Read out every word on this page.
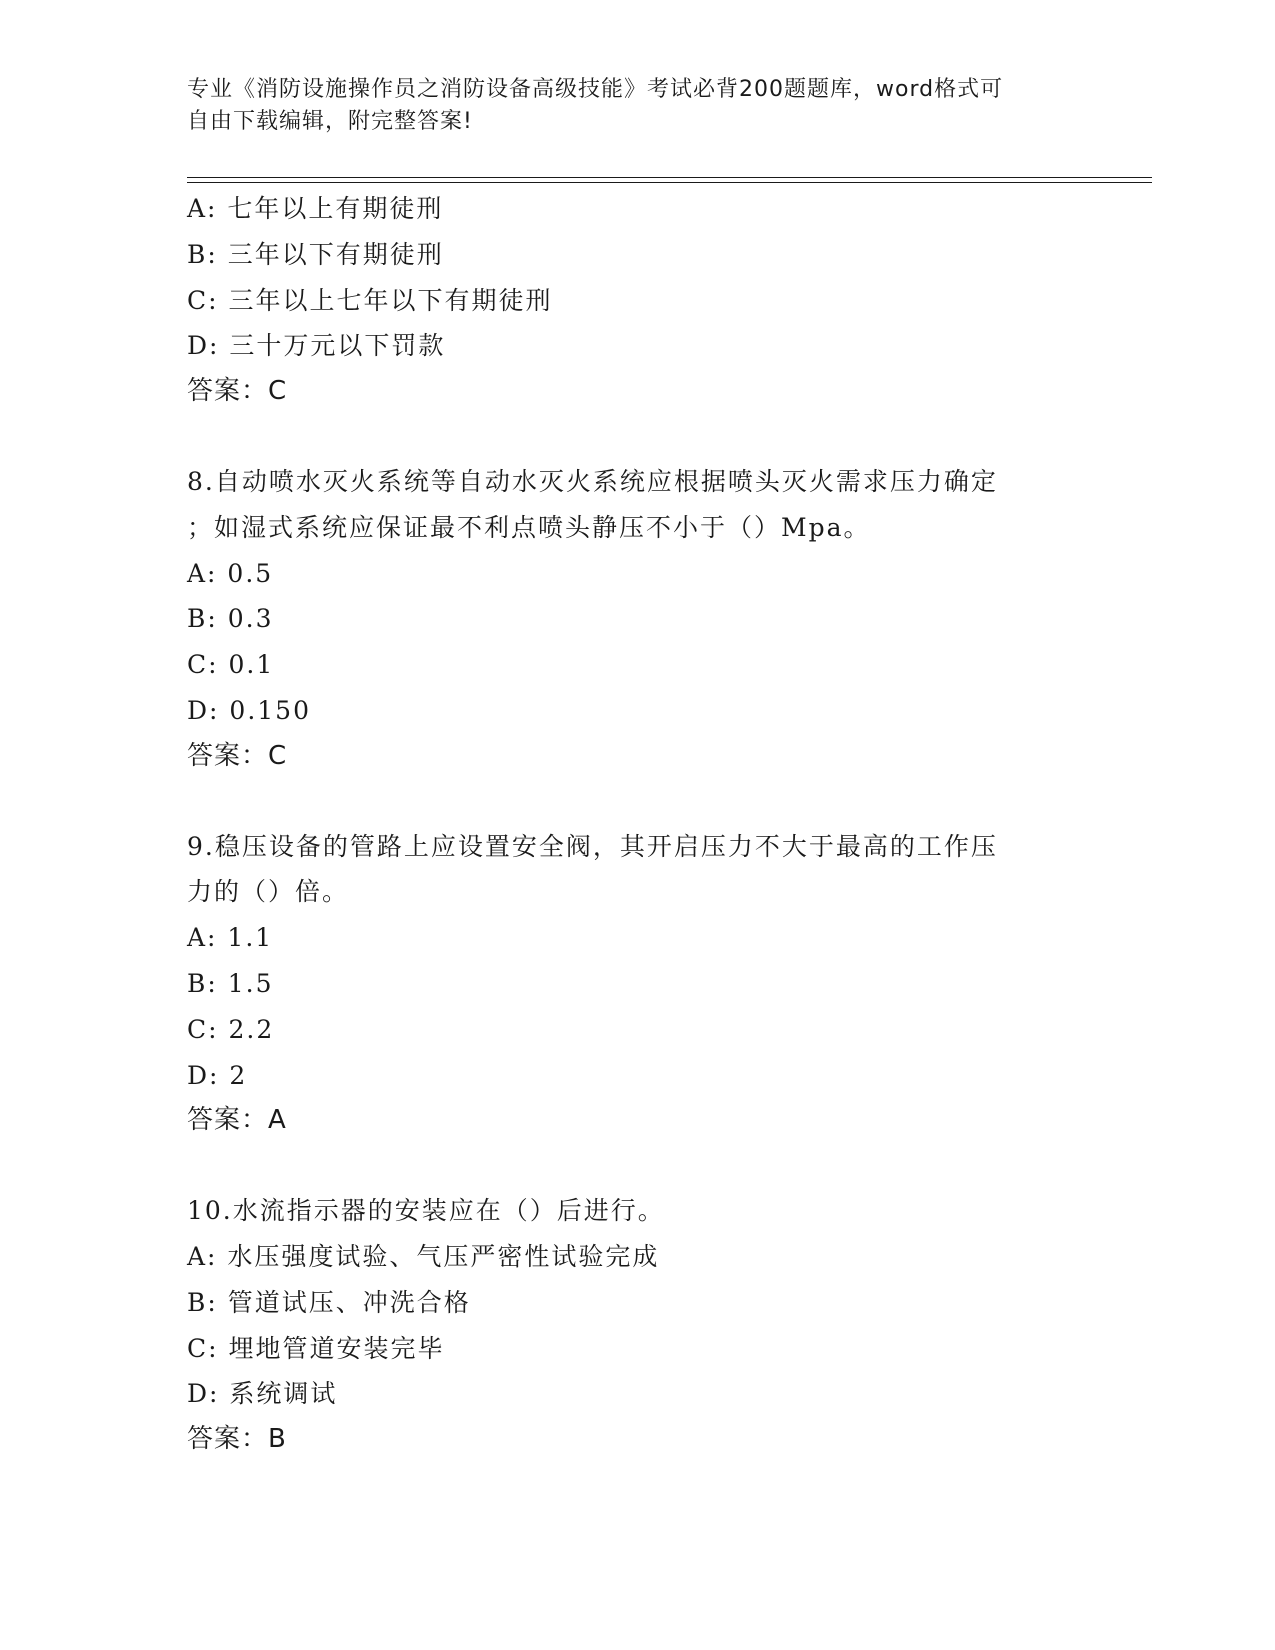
专业《消防设施操作员之消防设备高级技能》考试必背200题题库，word格式可
自由下载编辑，附完整答案!
A: 七年以上有期徒刑
B: 三年以下有期徒刑
C: 三年以上七年以下有期徒刑
D: 三十万元以下罚款
答案：C
8.自动喷水灭火系统等自动水灭火系统应根据喷头灭火需求压力确定
；如湿式系统应保证最不利点喷头静压不小于（）Mpa。
A: 0.5
B: 0.3
C: 0.1
D: 0.150
答案：C
9.稳压设备的管路上应设置安全阀，其开启压力不大于最高的工作压
力的（）倍。
A: 1.1
B: 1.5
C: 2.2
D: 2
答案：A
10.水流指示器的安装应在（）后进行。
A: 水压强度试验、气压严密性试验完成
B: 管道试压、冲洗合格
C: 埋地管道安装完毕
D: 系统调试
答案：B
